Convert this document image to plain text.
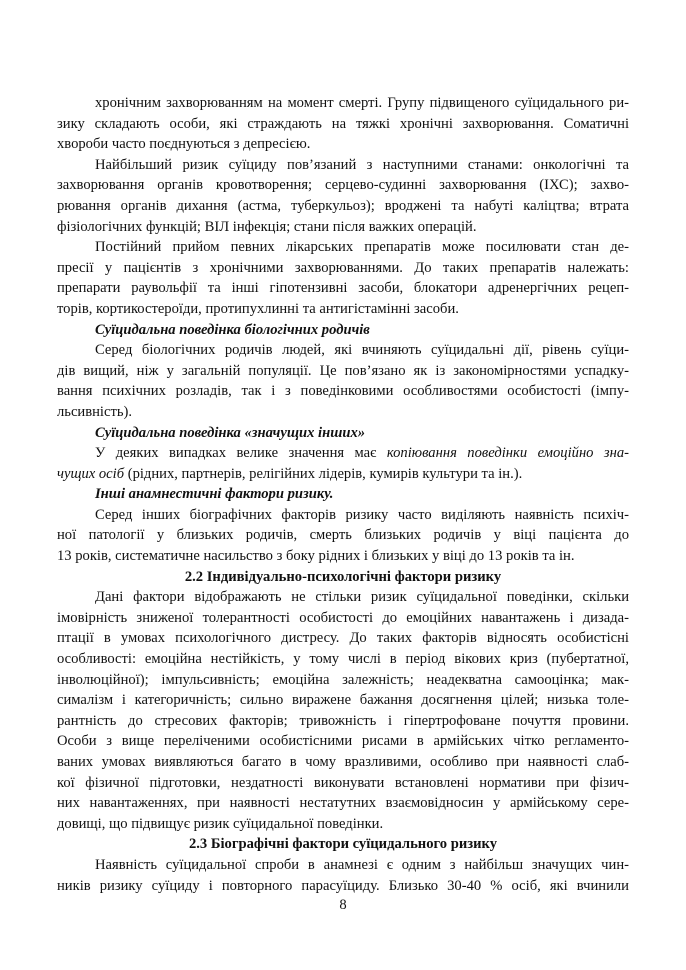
хронічним захворюванням на момент смерті. Групу підвищеного суїцидального ри-
зику складають особи, які страждають на тяжкі хронічні захворювання. Соматичні
хвороби часто поєднуються з депресією.
Найбільший ризик суїциду пов’язаний з наступними станами: онкологічні та
захворювання органів кровотворення; серцево-судинні захворювання (ІХС); захво-
рювання органів дихання (астма, туберкульоз); вроджені та набуті каліцтва; втрата
фізіологічних функцій; ВІЛ інфекція; стани після важких операцій.
Постійний прийом певних лікарських препаратів може посилювати стан де-
пресії у пацієнтів з хронічними захворюваннями. До таких препаратів належать:
препарати раувольфії та інші гіпотензивні засоби, блокатори адренергічних рецеп-
торів, кортикостероїди, протипухлинні та антигістамінні засоби.
Суїцидальна поведінка біологічних родичів
Серед біологічних родичів людей, які вчиняють суїцидальні дії, рівень суїци-
дів вищий, ніж у загальній популяції. Це пов’язано як із закономірностями успадку-
вання психічних розладів, так і з поведінковими особливостями особистості (імпу-
льсивність).
Суїцидальна поведінка «значущих інших»
У деяких випадках велике значення має копіювання поведінки емоційно зна-
чущих осіб (рідних, партнерів, релігійних лідерів, кумирів культури та ін.).
Інші анамнестичні фактори ризику.
Серед інших біографічних факторів ризику часто виділяють наявність психіч-
ної патології у близьких родичів, смерть близьких родичів у віці пацієнта до
13 років, систематичне насильство з боку рідних і близьких у віці до 13 років та ін.
2.2 Індивідуально-психологічні фактори ризику
Дані фактори відображають не стільки ризик суїцидальної поведінки, скільки
імовірність зниженої толерантності особистості до емоційних навантажень і дизада-
птації в умовах психологічного дистресу. До таких факторів відносять особистісні
особливості: емоційна нестійкість, у тому числі в період вікових криз (пубертатної,
інволюційної); імпульсивність; емоційна залежність; неадекватна самооцінка; мак-
сималізм і категоричність; сильно виражене бажання досягнення цілей; низька толе-
рантність до стресових факторів; тривожність і гіпертрофоване почуття провини.
Особи з вище переліченими особистісними рисами в армійських чітко регламенто-
ваних умовах виявляються багато в чому вразливими, особливо при наявності слаб-
кої фізичної підготовки, нездатності виконувати встановлені нормативи при фізич-
них навантаженнях, при наявності нестатутних взаємовідносин у армійському сере-
довищі, що підвищує ризик суїцидальної поведінки.
2.3 Біографічні фактори суїцидального ризику
Наявність суїцидальної спроби в анамнезі є одним з найбільш значущих чин-
ників ризику суїциду і повторного парасуїциду. Близько 30-40 % осіб, які вчинили
8
